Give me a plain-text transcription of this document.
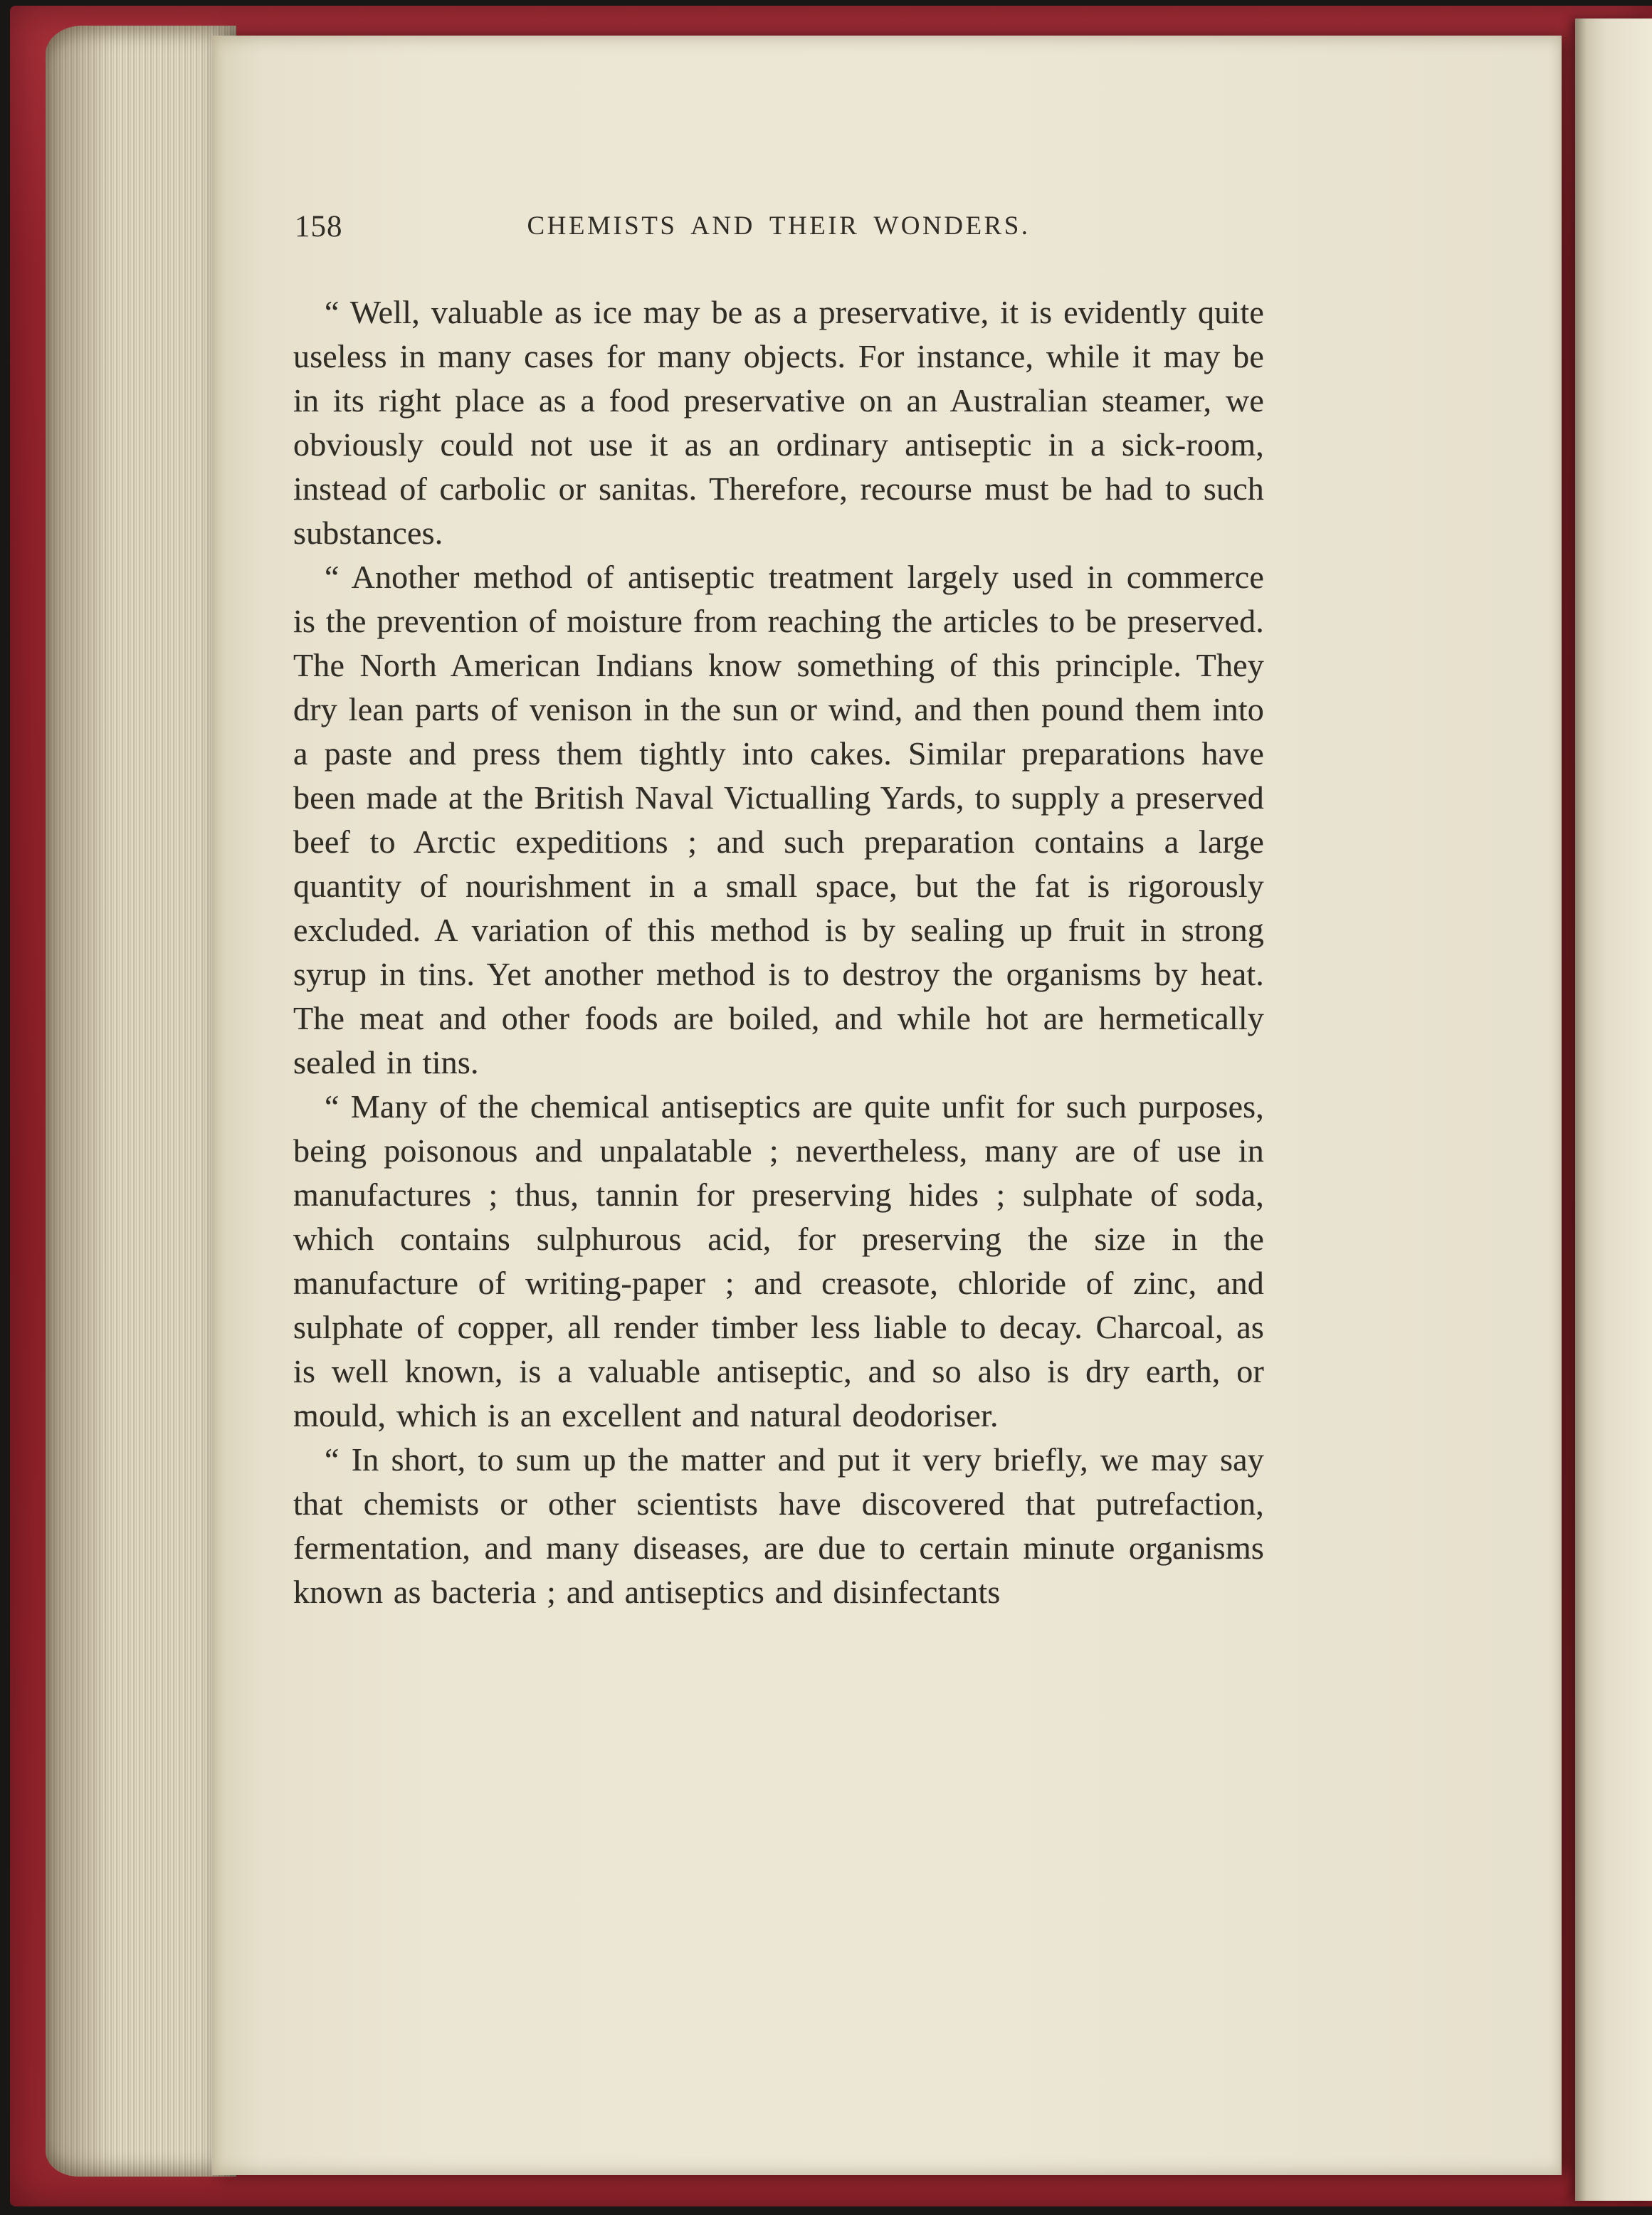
158	CHEMISTS AND THEIR WONDERS.

“ Well, valuable as ice may be as a preservative, it is evidently quite useless in many cases for many objects. For instance, while it may be in its right place as a food preservative on an Australian steamer, we obviously could not use it as an ordinary antiseptic in a sick-room, instead of carbolic or sanitas. Therefore, recourse must be had to such substances.

“ Another method of antiseptic treatment largely used in commerce is the prevention of moisture from reaching the articles to be preserved. The North American Indians know something of this principle. They dry lean parts of venison in the sun or wind, and then pound them into a paste and press them tightly into cakes. Similar preparations have been made at the British Naval Victualling Yards, to supply a preserved beef to Arctic expeditions ; and such preparation contains a large quantity of nourishment in a small space, but the fat is rigorously excluded. A variation of this method is by sealing up fruit in strong syrup in tins. Yet another method is to destroy the organisms by heat. The meat and other foods are boiled, and while hot are hermetically sealed in tins.

“ Many of the chemical antiseptics are quite unfit for such purposes, being poisonous and unpalatable ; nevertheless, many are of use in manufactures ; thus, tannin for preserving hides ; sulphate of soda, which contains sulphurous acid, for preserving the size in the manufacture of writing-paper ; and creasote, chloride of zinc, and sulphate of copper, all render timber less liable to decay. Charcoal, as is well known, is a valuable antiseptic, and so also is dry earth, or mould, which is an excellent and natural deodoriser.

“ In short, to sum up the matter and put it very briefly, we may say that chemists or other scientists have discovered that putrefaction, fermentation, and many diseases, are due to certain minute organisms known as bacteria ; and antiseptics and disinfectants
